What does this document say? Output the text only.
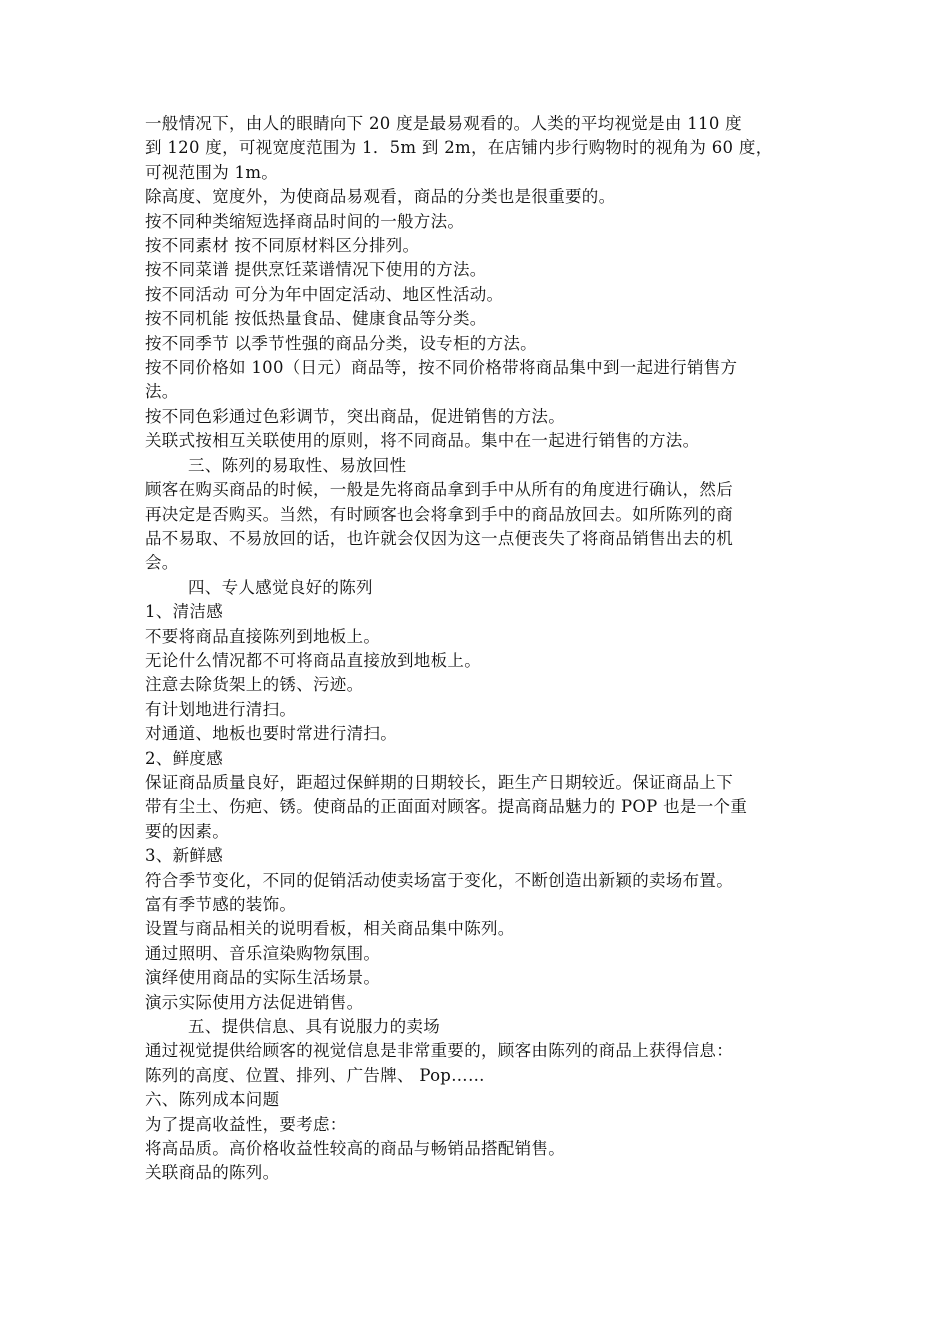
一般情况下，由人的眼睛向下 20 度是最易观看的。人类的平均视觉是由 110 度
到 120 度，可视宽度范围为 1．5m 到 2m，在店铺内步行购物时的视角为 60 度，
可视范围为 1m。
除高度、宽度外，为使商品易观看，商品的分类也是很重要的。
按不同种类缩短选择商品时间的一般方法。
按不同素材 按不同原材料区分排列。
按不同菜谱 提供烹饪菜谱情况下使用的方法。
按不同活动 可分为年中固定活动、地区性活动。
按不同机能 按低热量食品、健康食品等分类。
按不同季节 以季节性强的商品分类，设专柜的方法。
按不同价格如 100（日元）商品等，按不同价格带将商品集中到一起进行销售方
法。
按不同色彩通过色彩调节，突出商品，促进销售的方法。
关联式按相互关联使用的原则，将不同商品。集中在一起进行销售的方法。
三、陈列的易取性、易放回性
顾客在购买商品的时候，一般是先将商品拿到手中从所有的角度进行确认，然后
再决定是否购买。当然，有时顾客也会将拿到手中的商品放回去。如所陈列的商
品不易取、不易放回的话，也许就会仅因为这一点便丧失了将商品销售出去的机
会。
四、专人感觉良好的陈列
1、清洁感
不要将商品直接陈列到地板上。
无论什么情况都不可将商品直接放到地板上。
注意去除货架上的锈、污迹。
有计划地进行清扫。
对通道、地板也要时常进行清扫。
2、鲜度感
保证商品质量良好，距超过保鲜期的日期较长，距生产日期较近。保证商品上下
带有尘土、伤疤、锈。使商品的正面面对顾客。提高商品魅力的 POP 也是一个重
要的因素。
3、新鲜感
符合季节变化，不同的促销活动使卖场富于变化，不断创造出新颖的卖场布置。
富有季节感的装饰。
设置与商品相关的说明看板，相关商品集中陈列。
通过照明、音乐渲染购物氛围。
演绎使用商品的实际生活场景。
演示实际使用方法促进销售。
五、提供信息、具有说服力的卖场
通过视觉提供给顾客的视觉信息是非常重要的，顾客由陈列的商品上获得信息：
陈列的高度、位置、排列、广告牌、 Pop……
六、陈列成本问题
为了提高收益性，要考虑：
将高品质。高价格收益性较高的商品与畅销品搭配销售。
关联商品的陈列。
